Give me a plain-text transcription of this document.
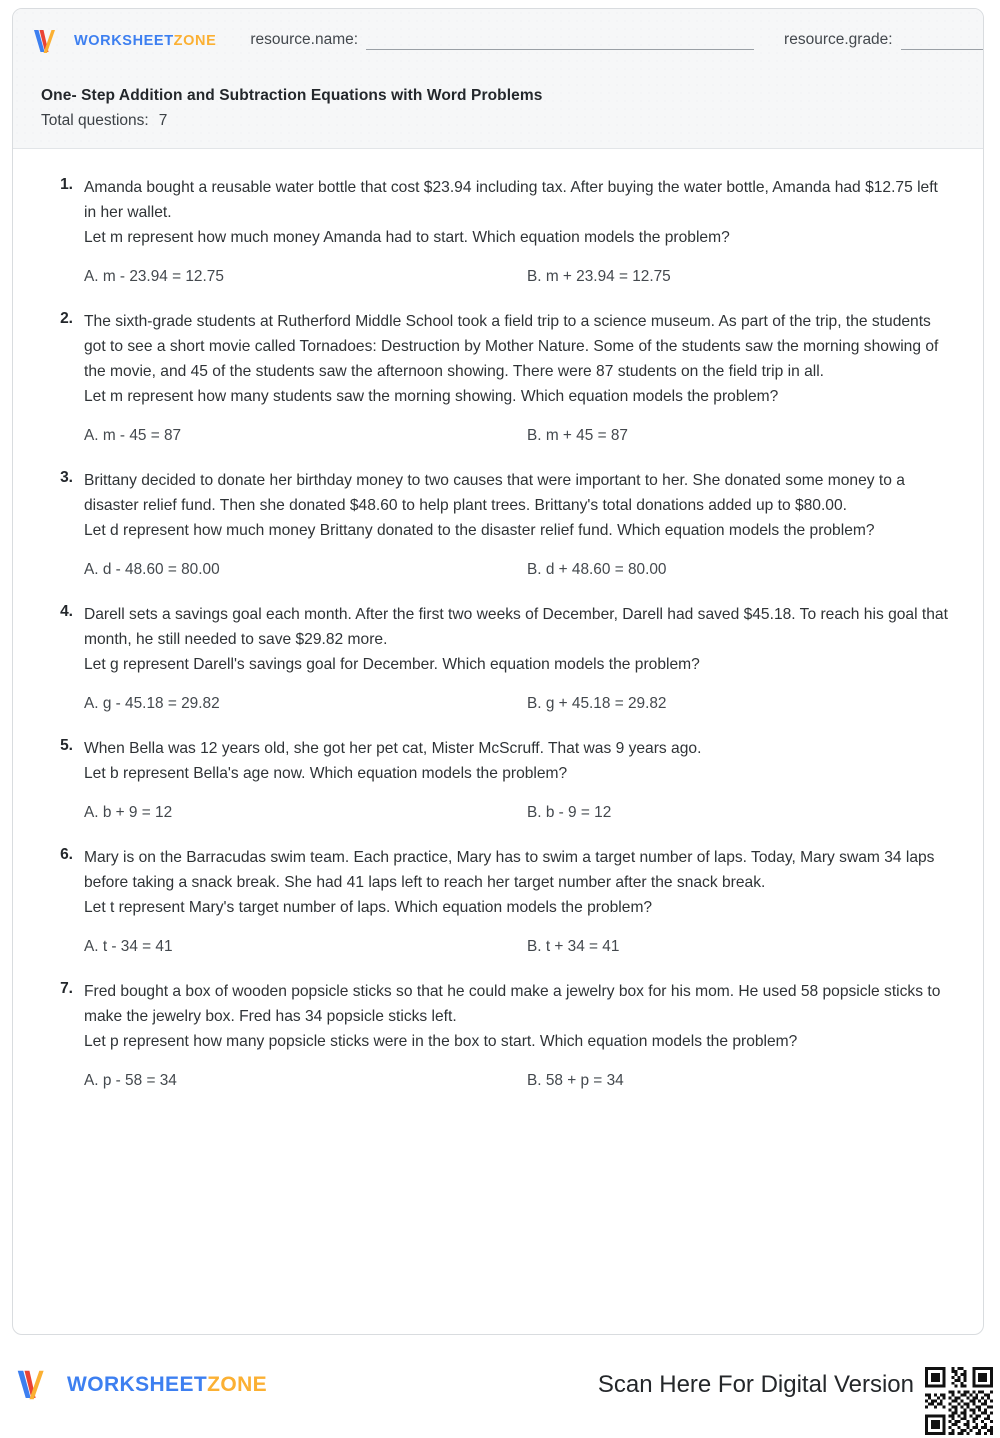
WORKSHEETZONE resource.name:	resource.grade:
One- Step Addition and Subtraction Equations with Word Problems
Total questions: 7
1. Amanda bought a reusable water bottle that cost $23.94 including tax. After buying the water bottle, Amanda had $12.75 left in her wallet.
Let m represent how much money Amanda had to start. Which equation models the problem?
A. m - 23.94 = 12.75	B. m + 23.94 = 12.75
2. The sixth-grade students at Rutherford Middle School took a field trip to a science museum. As part of the trip, the students got to see a short movie called Tornadoes: Destruction by Mother Nature. Some of the students saw the morning showing of the movie, and 45 of the students saw the afternoon showing. There were 87 students on the field trip in all.
Let m represent how many students saw the morning showing. Which equation models the problem?
A. m - 45 = 87	B. m + 45 = 87
3. Brittany decided to donate her birthday money to two causes that were important to her. She donated some money to a disaster relief fund. Then she donated $48.60 to help plant trees. Brittany's total donations added up to $80.00.
Let d represent how much money Brittany donated to the disaster relief fund. Which equation models the problem?
A. d - 48.60 = 80.00	B. d + 48.60 = 80.00
4. Darell sets a savings goal each month. After the first two weeks of December, Darell had saved $45.18. To reach his goal that month, he still needed to save $29.82 more.
Let g represent Darell's savings goal for December. Which equation models the problem?
A. g - 45.18 = 29.82	B. g + 45.18 = 29.82
5. When Bella was 12 years old, she got her pet cat, Mister McScruff. That was 9 years ago.
Let b represent Bella's age now. Which equation models the problem?
A. b + 9 = 12	B. b - 9 = 12
6. Mary is on the Barracudas swim team. Each practice, Mary has to swim a target number of laps. Today, Mary swam 34 laps before taking a snack break. She had 41 laps left to reach her target number after the snack break.
Let t represent Mary's target number of laps. Which equation models the problem?
A. t - 34 = 41	B. t + 34 = 41
7. Fred bought a box of wooden popsicle sticks so that he could make a jewelry box for his mom. He used 58 popsicle sticks to make the jewelry box. Fred has 34 popsicle sticks left.
Let p represent how many popsicle sticks were in the box to start. Which equation models the problem?
A. p - 58 = 34	B. 58 + p = 34
WORKSHEETZONE	Scan Here For Digital Version
